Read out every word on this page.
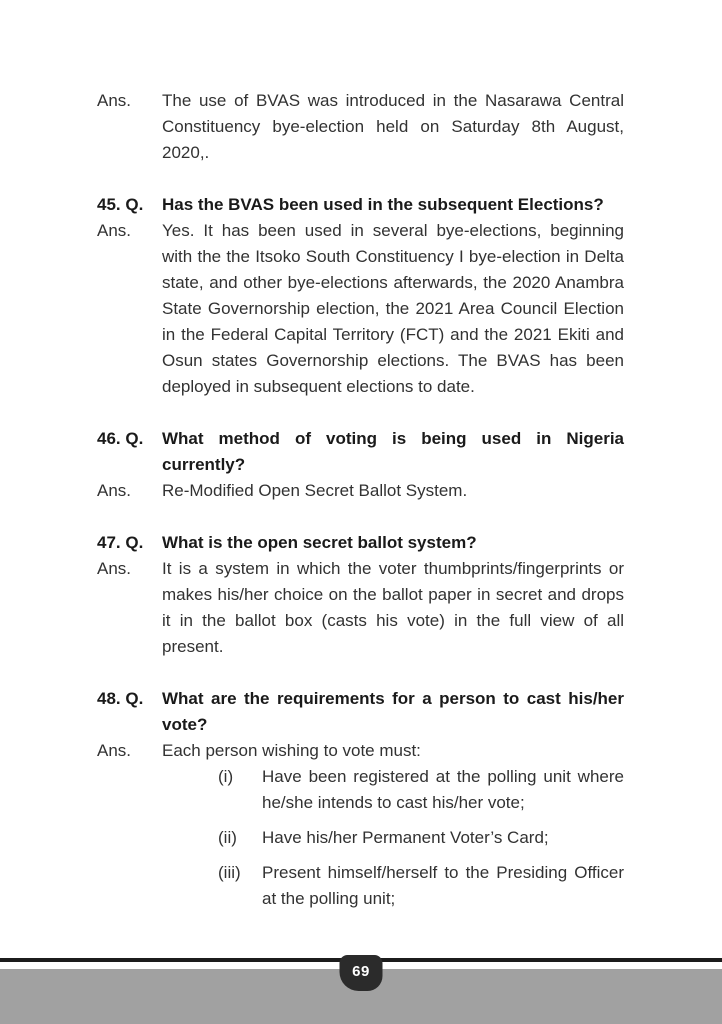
Ans.	The use of BVAS was introduced in the Nasarawa Central Constituency bye-election held on Saturday 8th August, 2020,.
45. Q.	Has the BVAS been used in the subsequent Elections?
Ans.	Yes. It has been used in several bye-elections, beginning with the the Itsoko South Constituency I bye-election in Delta state, and other bye-elections afterwards, the 2020 Anambra State Governorship election, the 2021 Area Council Election in the Federal Capital Territory (FCT) and the 2021 Ekiti and Osun states Governorship elections. The BVAS has been deployed in subsequent elections to date.
46. Q.	What method of voting is being used in Nigeria currently?
Ans.	Re-Modified Open Secret Ballot System.
47. Q.	What is the open secret ballot system?
Ans.	It is a system in which the voter thumbprints/fingerprints or makes his/her choice on the ballot paper in secret and drops it in the ballot box (casts his vote) in the full view of all present.
48. Q.	What are the requirements for a person to cast his/her vote?
Ans.	Each person wishing to vote must:
(i)	Have been registered at the polling unit where he/she intends to cast his/her vote;
(ii)	Have his/her Permanent Voter’s Card;
(iii)	Present himself/herself to the Presiding Officer at the polling unit;
69
